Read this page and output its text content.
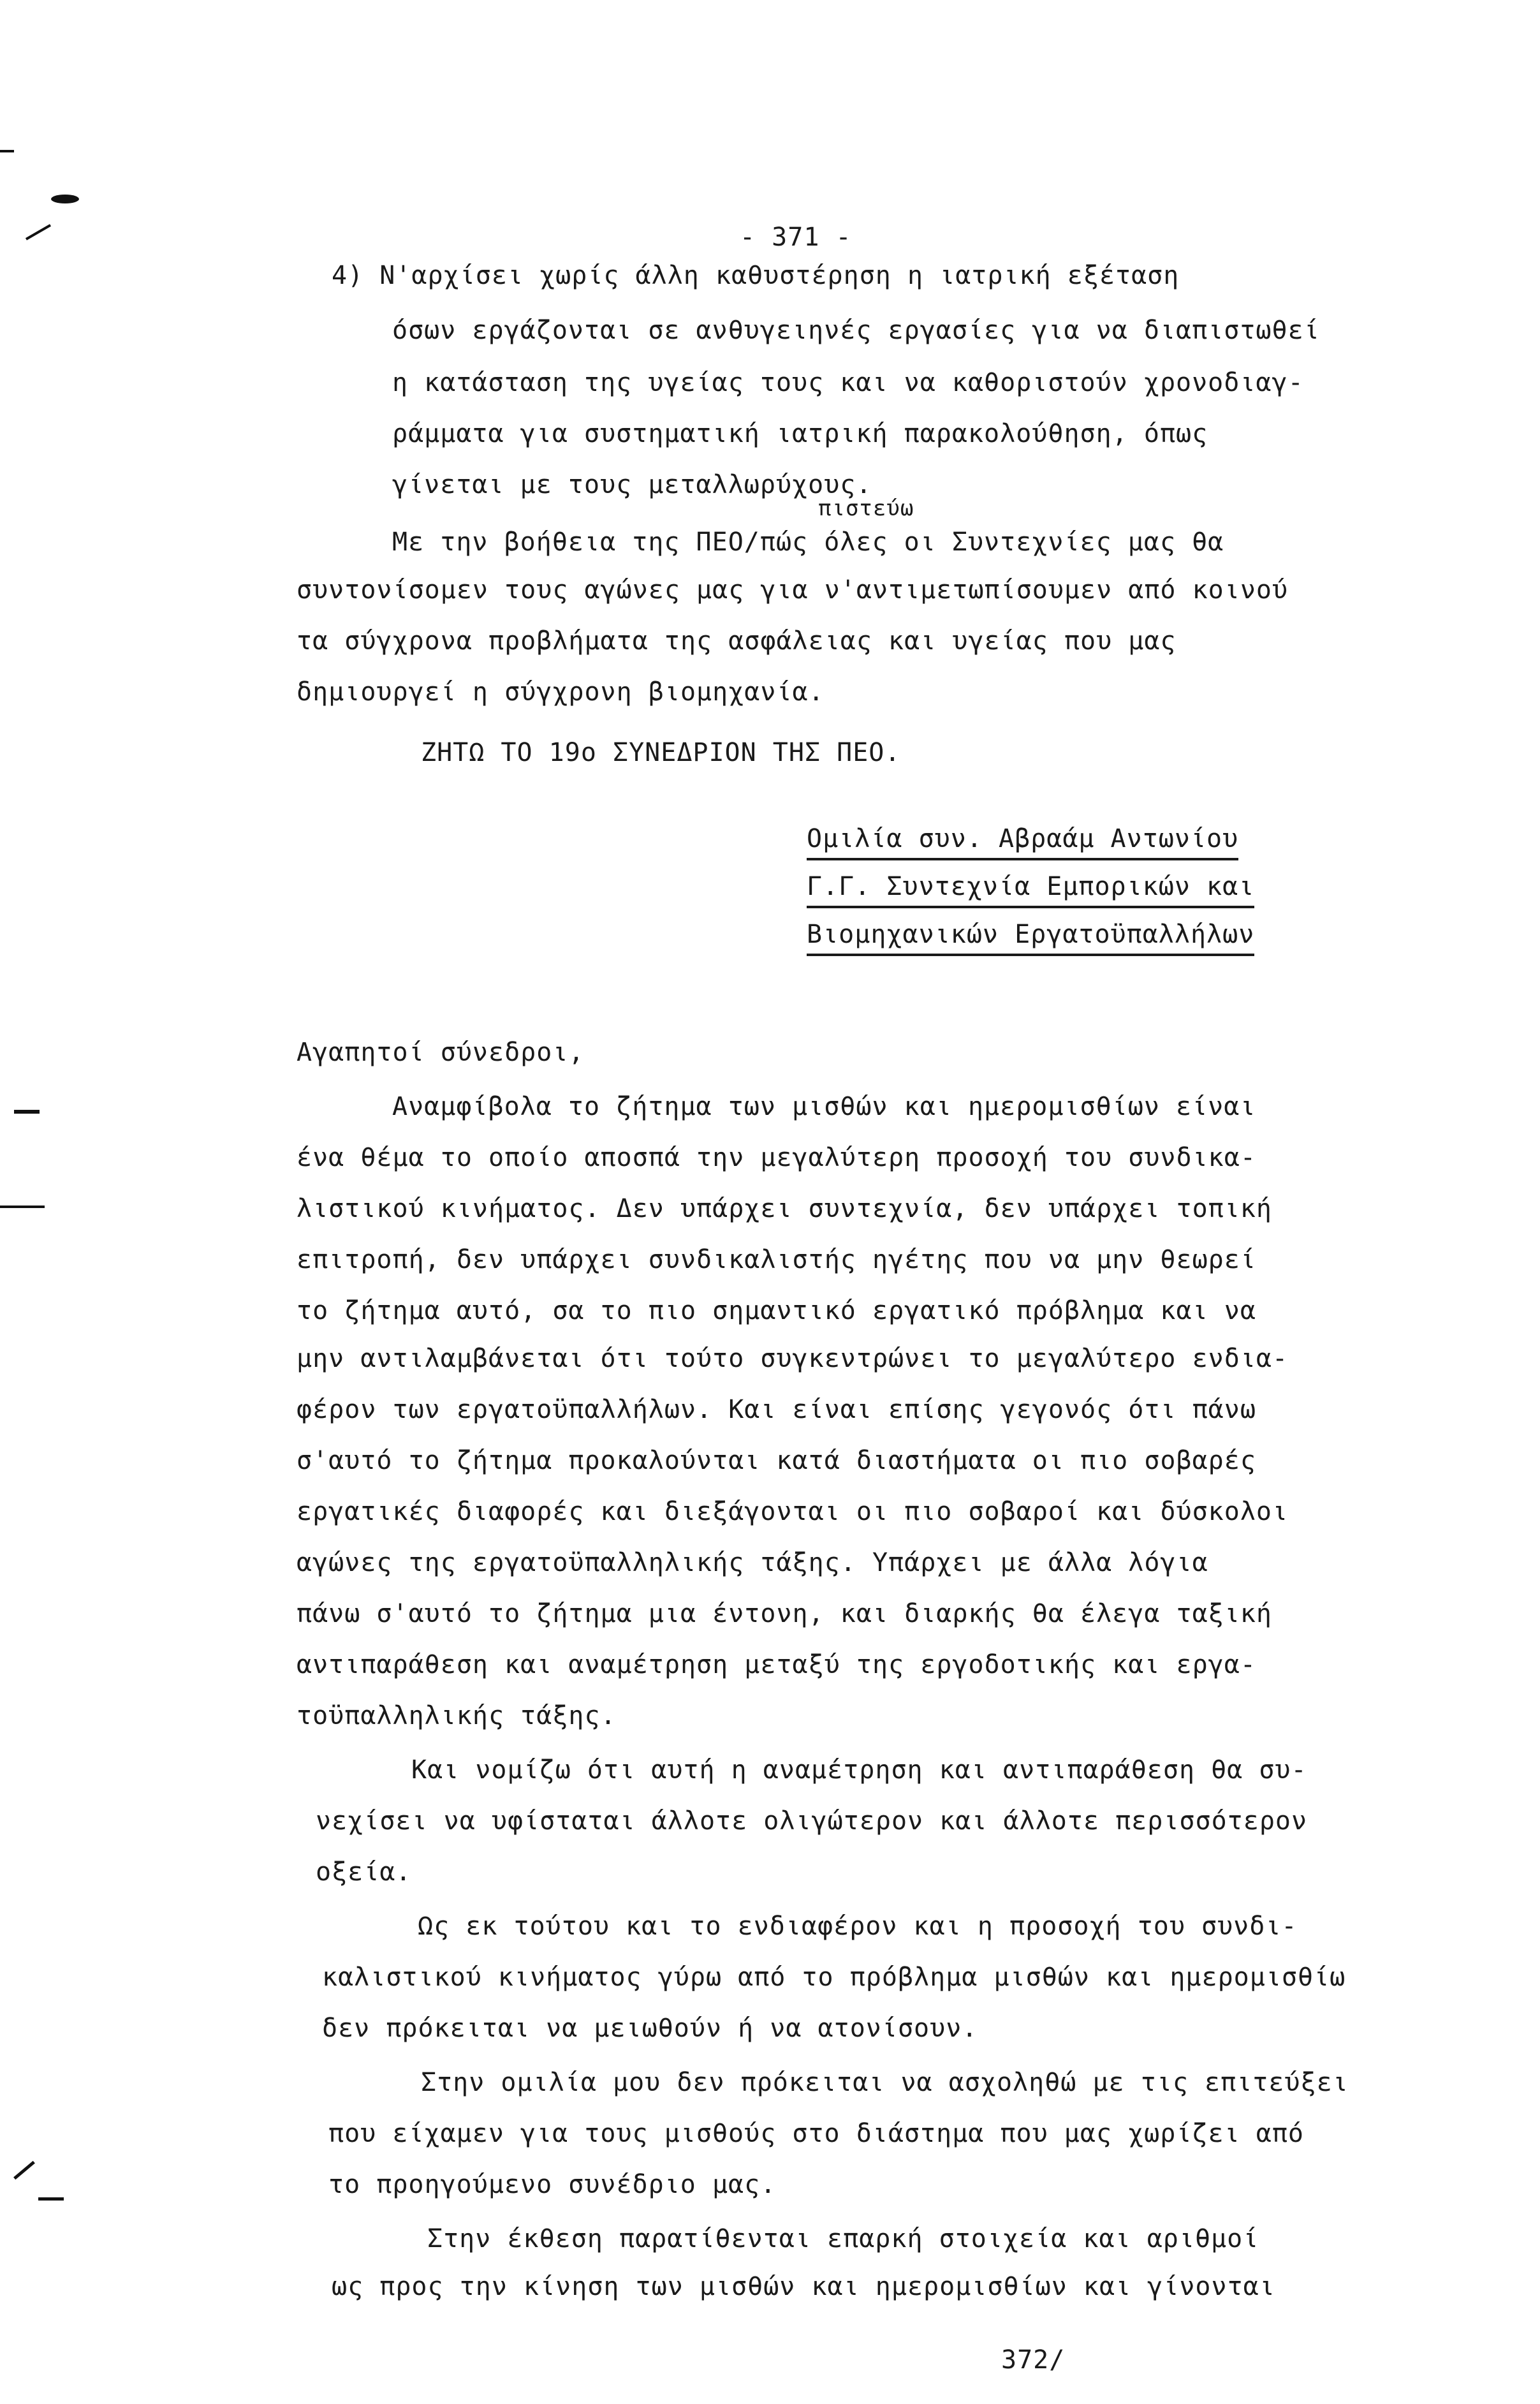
- 371 -
4) Ν'αρχίσει χωρίς άλλη καθυστέρηση η ιατρική εξέταση
όσων εργάζονται σε ανθυγειηνές εργασίες για να διαπιστωθεί
η κατάσταση της υγείας τους και να καθοριστούν χρονοδιαγ-
ράμματα για συστηματική ιατρική παρακολούθηση, όπως
γίνεται με τους μεταλλωρύχους.
πιστεύω
Με την βοήθεια της ΠΕΟ/πώς όλες οι Συντεχνίες μας θα
συντονίσομεν τους αγώνες μας για ν'αντιμετωπίσουμεν από κοινού
τα σύγχρονα προβλήματα της ασφάλειας και υγείας που μας
δημιουργεί η σύγχρονη βιομηχανία.
ΖΗΤΩ ΤΟ 19ο ΣΥΝΕΔΡΙΟΝ ΤΗΣ ΠΕΟ.
Ομιλία συν. Αβραάμ Αντωνίου
Γ.Γ. Συντεχνία Εμπορικών και
Βιομηχανικών Εργατοϋπαλλήλων
Αγαπητοί σύνεδροι,
Αναμφίβολα το ζήτημα των μισθών και ημερομισθίων είναι
ένα θέμα το οποίο αποσπά την μεγαλύτερη προσοχή του συνδικα-
λιστικού κινήματος. Δεν υπάρχει συντεχνία, δεν υπάρχει τοπική
επιτροπή, δεν υπάρχει συνδικαλιστής ηγέτης που να μην θεωρεί
το ζήτημα αυτό, σα το πιο σημαντικό εργατικό πρόβλημα και να
μην αντιλαμβάνεται ότι τούτο συγκεντρώνει το μεγαλύτερο ενδια-
φέρον των εργατοϋπαλλήλων. Και είναι επίσης γεγονός ότι πάνω
σ'αυτό το ζήτημα προκαλούνται κατά διαστήματα οι πιο σοβαρές
εργατικές διαφορές και διεξάγονται οι πιο σοβαροί και δύσκολοι
αγώνες της εργατοϋπαλληλικής τάξης. Υπάρχει με άλλα λόγια
πάνω σ'αυτό το ζήτημα μια έντονη, και διαρκής θα έλεγα ταξική
αντιπαράθεση και αναμέτρηση μεταξύ της εργοδοτικής και εργα-
τοϋπαλληλικής τάξης.
Και νομίζω ότι αυτή η αναμέτρηση και αντιπαράθεση θα συ-
νεχίσει να υφίσταται άλλοτε ολιγώτερον και άλλοτε περισσότερον
οξεία.
Ως εκ τούτου και το ενδιαφέρον και η προσοχή του συνδι-
καλιστικού κινήματος γύρω από το πρόβλημα μισθών και ημερομισθίω
δεν πρόκειται να μειωθούν ή να ατονίσουν.
Στην ομιλία μου δεν πρόκειται να ασχοληθώ με τις επιτεύξει
που είχαμεν για τους μισθούς στο διάστημα που μας χωρίζει από
το προηγούμενο συνέδριο μας.
Στην έκθεση παρατίθενται επαρκή στοιχεία και αριθμοί
ως προς την κίνηση των μισθών και ημερομισθίων και γίνονται
372/
